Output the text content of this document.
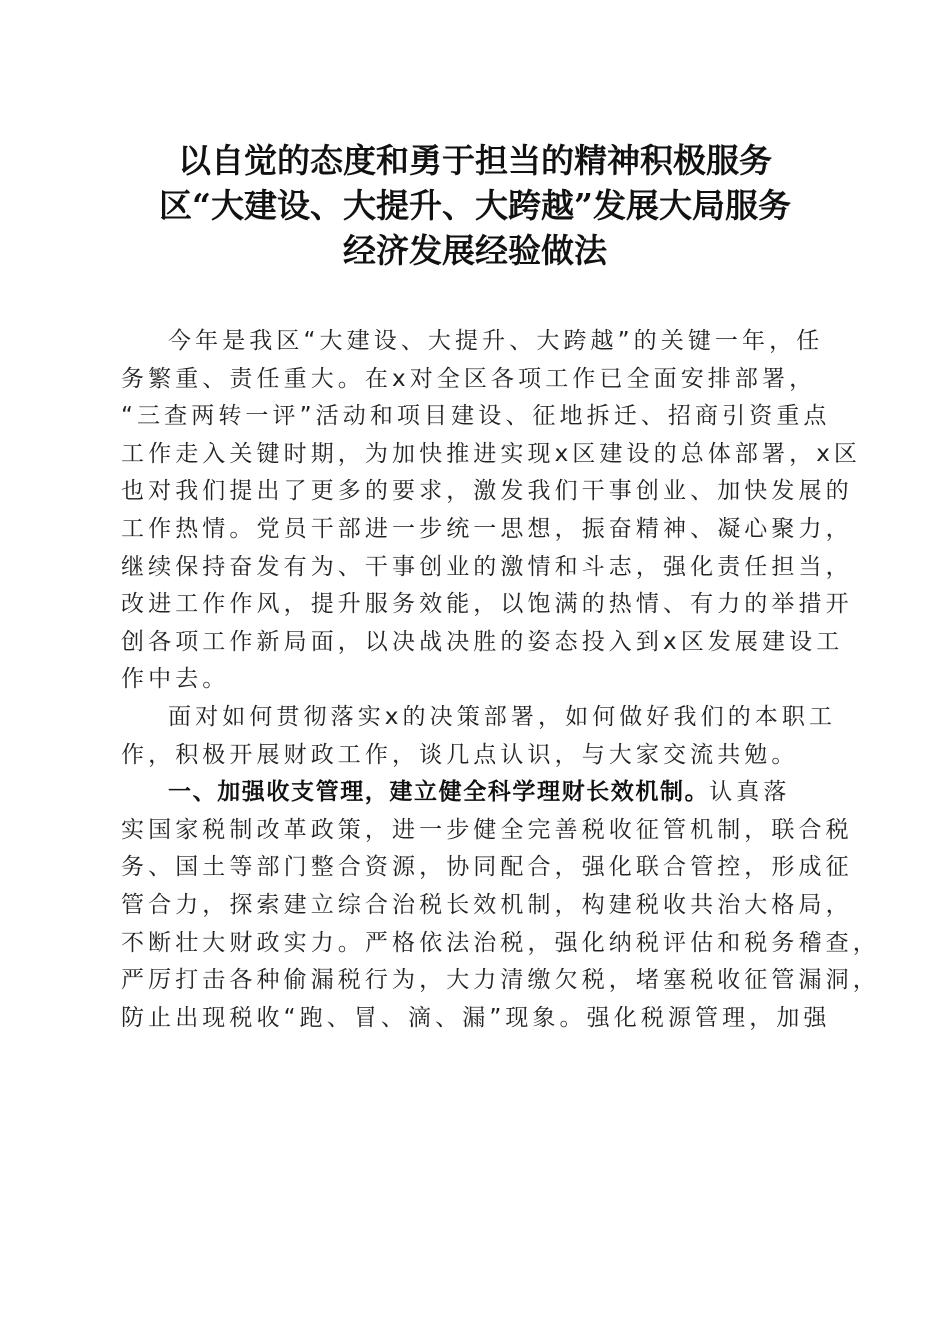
以自觉的态度和勇于担当的精神积极服务
区“大建设、大提升、大跨越”发展大局服务
经济发展经验做法
今年是我区“大建设、大提升、大跨越”的关键一年，任
务繁重、责任重大。在x对全区各项工作已全面安排部署，
“三查两转一评”活动和项目建设、征地拆迁、招商引资重点
工作走入关键时期，为加快推进实现x区建设的总体部署，x区
也对我们提出了更多的要求，激发我们干事创业、加快发展的
工作热情。党员干部进一步统一思想，振奋精神、凝心聚力，
继续保持奋发有为、干事创业的激情和斗志，强化责任担当，
改进工作作风，提升服务效能，以饱满的热情、有力的举措开
创各项工作新局面，以决战决胜的姿态投入到x区发展建设工
作中去。
面对如何贯彻落实x的决策部署，如何做好我们的本职工
作，积极开展财政工作，谈几点认识，与大家交流共勉。
一、加强收支管理，建立健全科学理财长效机制。认真落
实国家税制改革政策，进一步健全完善税收征管机制，联合税
务、国土等部门整合资源，协同配合，强化联合管控，形成征
管合力，探索建立综合治税长效机制，构建税收共治大格局，
不断壮大财政实力。严格依法治税，强化纳税评估和税务稽查，
严厉打击各种偷漏税行为，大力清缴欠税，堵塞税收征管漏洞，
防止出现税收“跑、冒、滴、漏”现象。强化税源管理，加强
